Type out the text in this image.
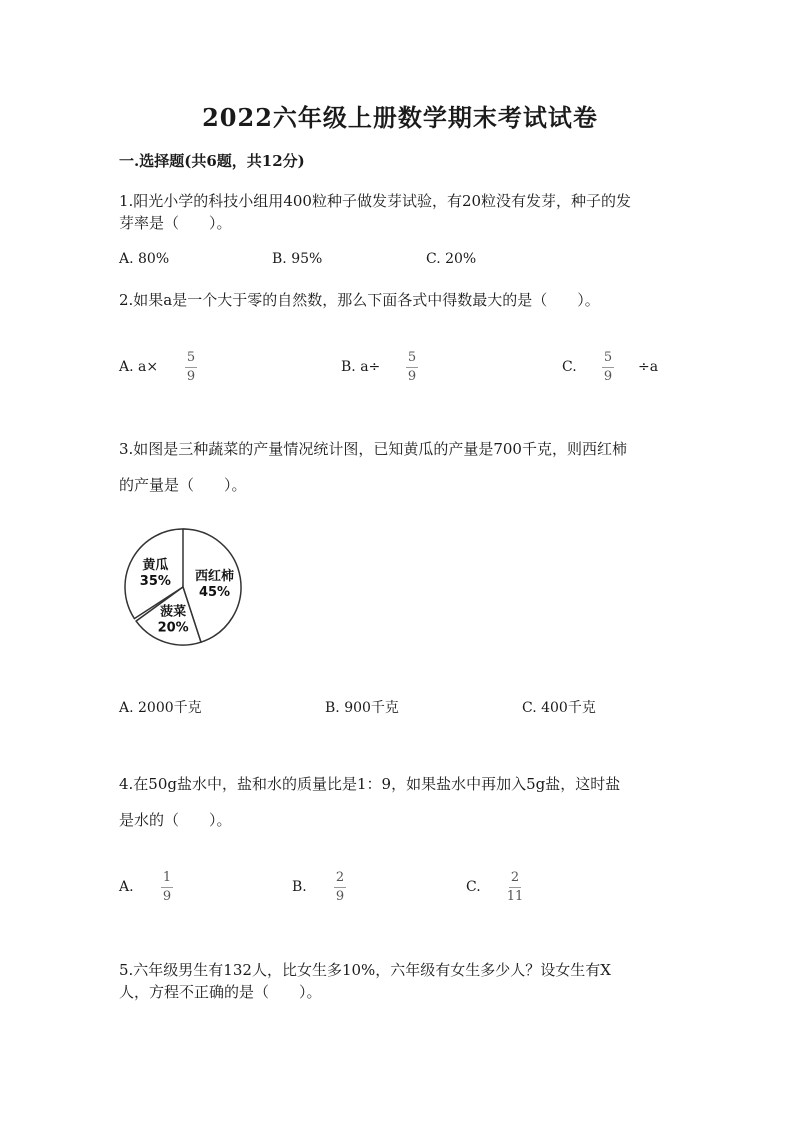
2022六年级上册数学期末考试试卷
一.选择题(共6题，共12分)
1.阳光小学的科技小组用400粒种子做发芽试验，有20粒没有发芽，种子的发
芽率是（　　）。
A. 80%	B. 95%	C. 20%
2.如果a是一个大于零的自然数，那么下面各式中得数最大的是（　　）。
A. a×
5
9
B. a÷
5
9
C.
5
9
÷a
3.如图是三种蔬菜的产量情况统计图，已知黄瓜的产量是700千克，则西红柿
的产量是（　　）。
黄瓜
35% 西红柿
45%
菠菜
20%
A. 2000千克	B. 900千克	C. 400千克
4.在50g盐水中，盐和水的质量比是1：9，如果盐水中再加入5g盐，这时盐
是水的（　　）。
A.
1
9
B.
2
9
C.
2
11
5.六年级男生有132人，比女生多10%，六年级有女生多少人？设女生有X
人，方程不正确的是（　　）。
